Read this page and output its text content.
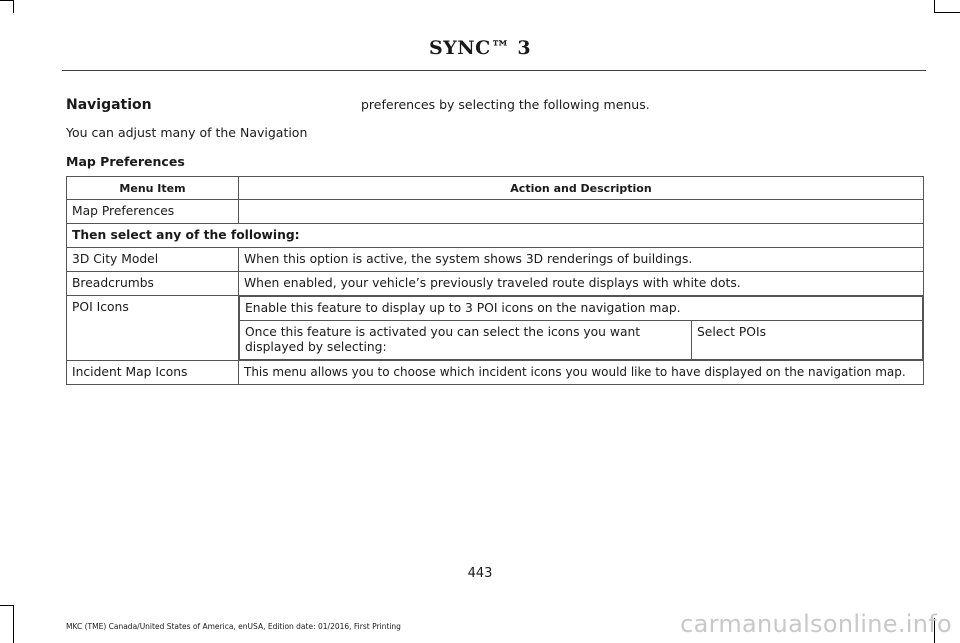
SYNC™ 3
Navigation
You can adjust many of the Navigation
preferences by selecting the following menus.
Map Preferences
Menu Item	Action and Description
Map Preferences	
Then select any of the following:
3D City Model	When this option is active, the system shows 3D renderings of buildings.
Breadcrumbs	When enabled, your vehicle’s previously traveled route displays with white dots.
POI Icons		Enable this feature to display up to 3 POI icons on the navigation map.
Once this feature is activated you can select the icons you want displayed by selecting:	Select POIs

Incident Map Icons	This menu allows you to choose which incident icons you would like to have displayed on the navigation map.
443
MKC (TME) Canada/United States of America, enUSA, Edition date: 01/2016, First Printing	carmanualsonline.info
